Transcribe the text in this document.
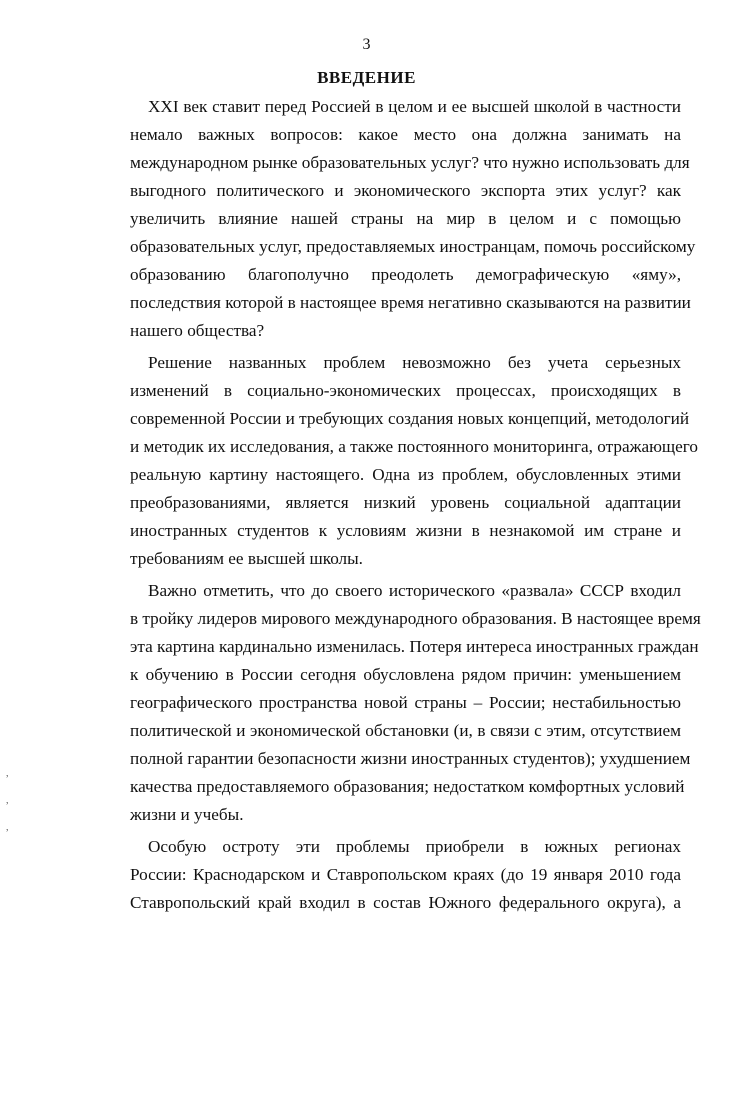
3
ВВЕДЕНИЕ

XXI век ставит перед Россией в целом и ее высшей школой в частности
немало важных вопросов: какое место она должна занимать на
международном рынке образовательных услуг? что нужно использовать для
выгодного политического и экономического экспорта этих услуг? как
увеличить влияние нашей страны на мир в целом и с помощью
образовательных услуг, предоставляемых иностранцам, помочь российскому
образованию благополучно преодолеть демографическую «яму»,
последствия которой в настоящее время негативно сказываются на развитии
нашего общества?

Решение названных проблем невозможно без учета серьезных
изменений в социально-экономических процессах, происходящих в
современной России и требующих создания новых концепций, методологий
и методик их исследования, а также постоянного мониторинга, отражающего
реальную картину настоящего. Одна из проблем, обусловленных этими
преобразованиями, является низкий уровень социальной адаптации
иностранных студентов к условиям жизни в незнакомой им стране и
требованиям ее высшей школы.

Важно отметить, что до своего исторического «развала» СССР входил
в тройку лидеров мирового международного образования. В настоящее время
эта картина кардинально изменилась. Потеря интереса иностранных граждан
к обучению в России сегодня обусловлена рядом причин: уменьшением
географического пространства новой страны – России; нестабильностью
политической и экономической обстановки (и, в связи с этим, отсутствием
полной гарантии безопасности жизни иностранных студентов); ухудшением
качества предоставляемого образования; недостатком комфортных условий
жизни и учебы.

Особую остроту эти проблемы приобрели в южных регионах
России: Краснодарском и Ставропольском краях (до 19 января 2010 года
Ставропольский край входил в состав Южного федерального округа), а

,
,
,
